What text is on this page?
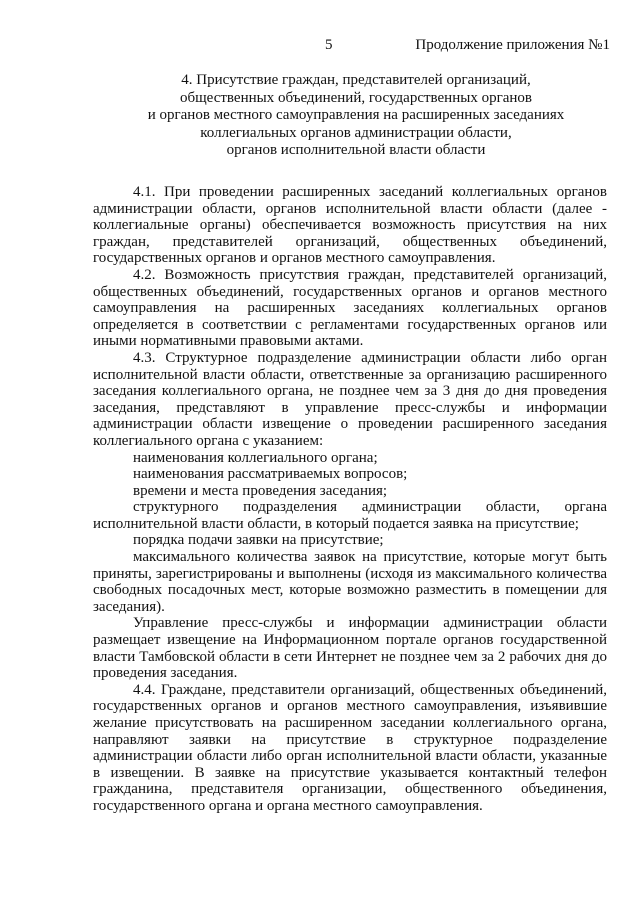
5	Продолжение приложения №1
4. Присутствие граждан, представителей организаций,
общественных объединений, государственных органов
и органов местного самоуправления на расширенных заседаниях
коллегиальных органов администрации области,
органов исполнительной власти области

4.1. При проведении расширенных заседаний коллегиальных органов администрации области, органов исполнительной власти области (далее - коллегиальные органы) обеспечивается возможность присутствия на них граждан, представителей организаций, общественных объединений, государственных органов и органов местного самоуправления.

4.2. Возможность присутствия граждан, представителей организаций, общественных объединений, государственных органов и органов местного самоуправления на расширенных заседаниях коллегиальных органов определяется в соответствии с регламентами государственных органов или иными нормативными правовыми актами.

4.3. Структурное подразделение администрации области либо орган исполнительной власти области, ответственные за организацию расширенного заседания коллегиального органа, не позднее чем за 3 дня до дня проведения заседания, представляют в управление пресс-службы и информации администрации области извещение о проведении расширенного заседания коллегиального органа с указанием:

наименования коллегиального органа;

наименования рассматриваемых вопросов;

времени и места проведения заседания;

структурного подразделения администрации области, органа исполнительной власти области, в который подается заявка на присутствие;

порядка подачи заявки на присутствие;

максимального количества заявок на присутствие, которые могут быть приняты, зарегистрированы и выполнены (исходя из максимального количества свободных посадочных мест, которые возможно разместить в помещении для заседания).

Управление пресс-службы и информации администрации области размещает извещение на Информационном портале органов государственной власти Тамбовской области в сети Интернет не позднее чем за 2 рабочих дня до проведения заседания.

4.4. Граждане, представители организаций, общественных объединений, государственных органов и органов местного самоуправления, изъявившие желание присутствовать на расширенном заседании коллегиального органа, направляют заявки на присутствие в структурное подразделение администрации области либо орган исполнительной власти области, указанные в извещении. В заявке на присутствие указывается контактный телефон гражданина, представителя организации, общественного объединения, государственного органа и органа местного самоуправления.
